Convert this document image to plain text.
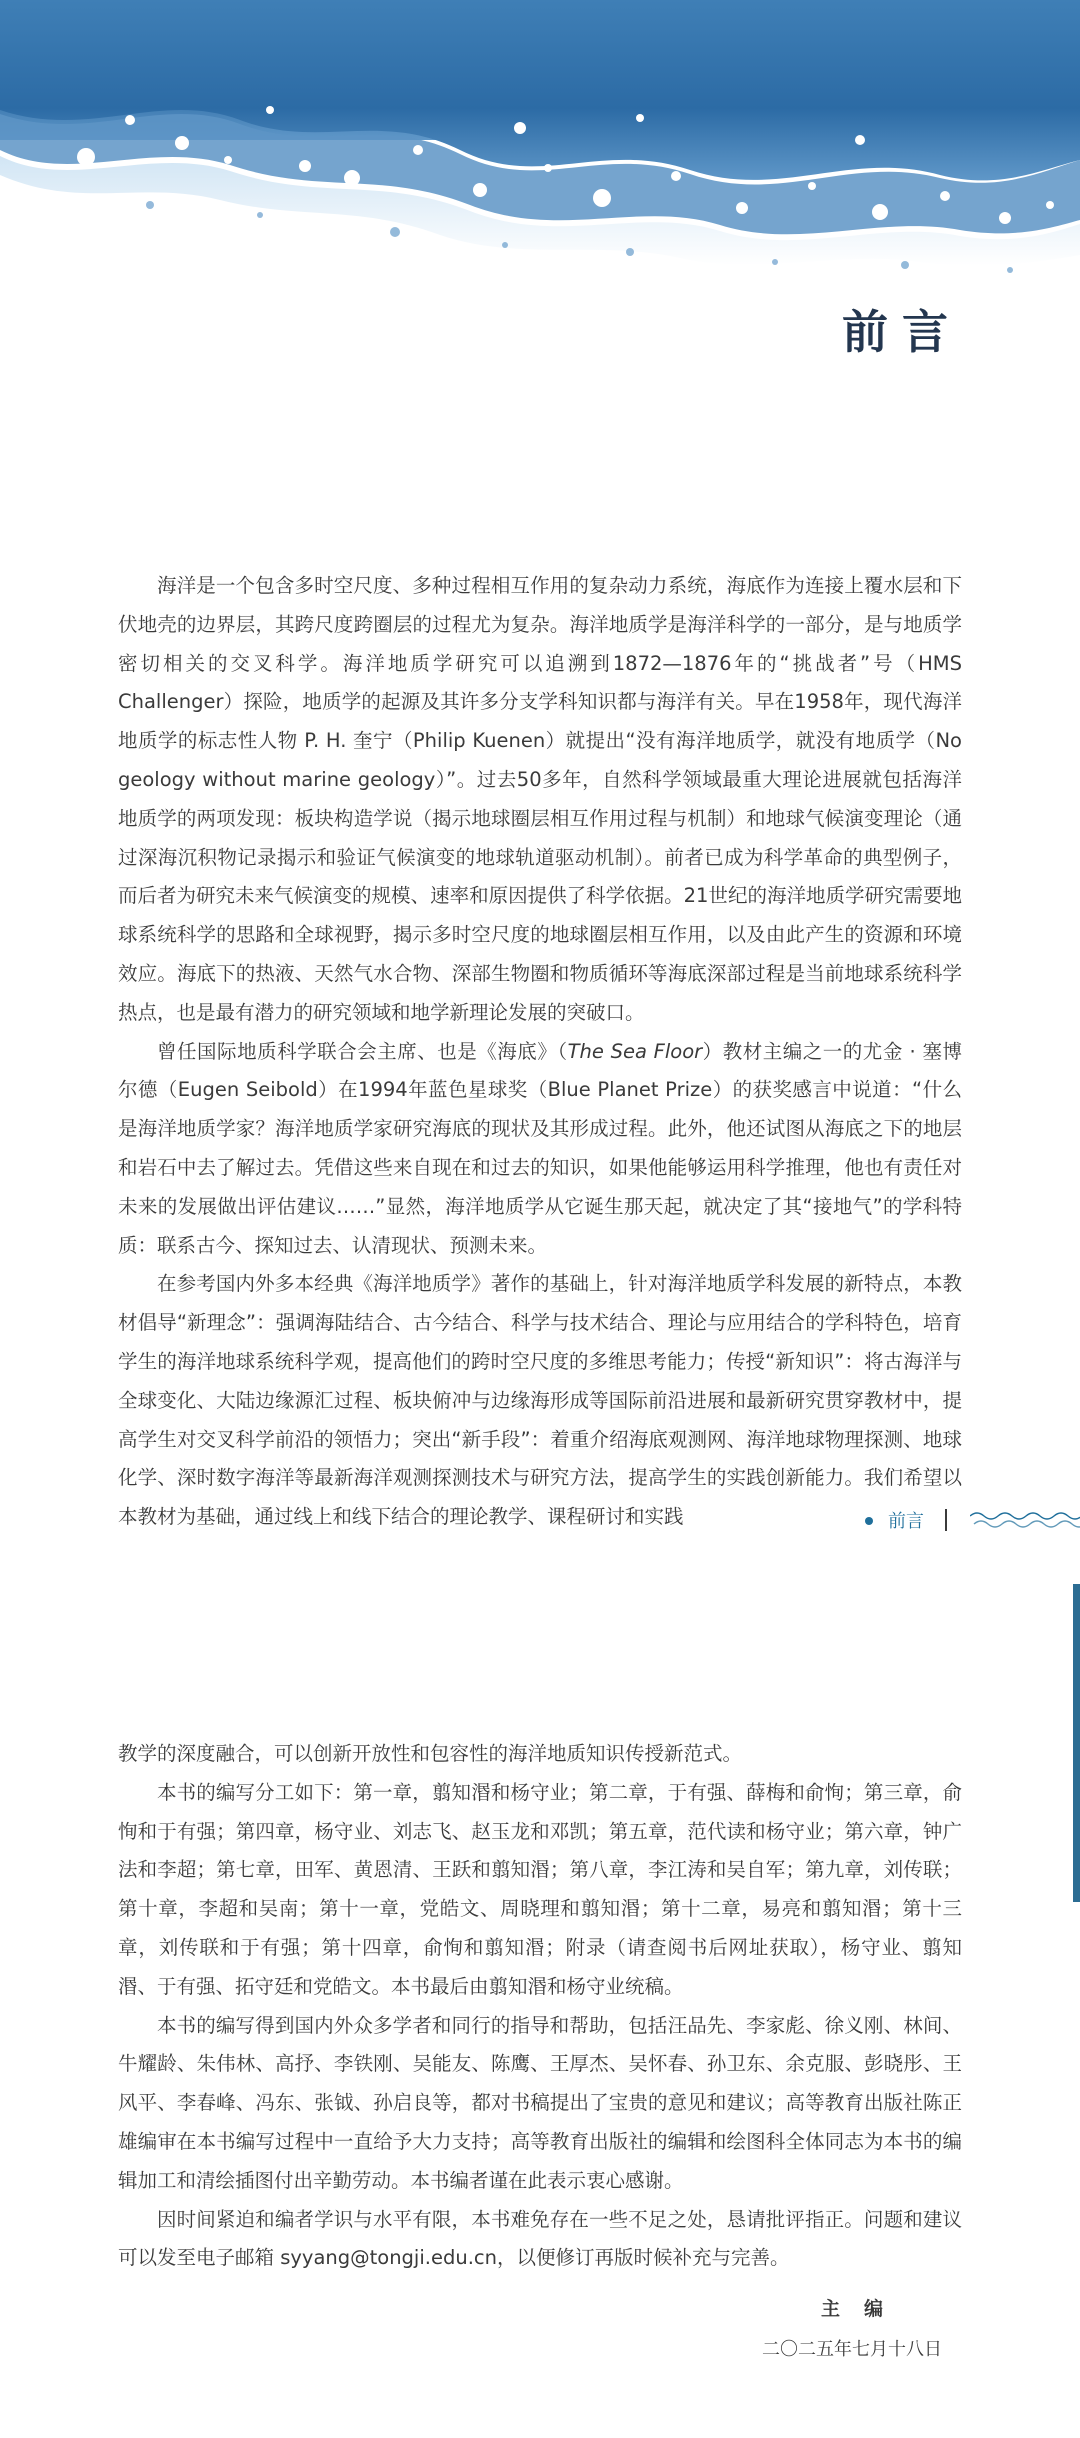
前言

海洋是一个包含多时空尺度、多种过程相互作用的复杂动力系统，海底作为连接上覆水层和下伏地壳的边界层，其跨尺度跨圈层的过程尤为复杂。海洋地质学是海洋科学的一部分，是与地质学密切相关的交叉科学。海洋地质学研究可以追溯到1872—1876年的“挑战者”号（HMS Challenger）探险，地质学的起源及其许多分支学科知识都与海洋有关。早在1958年，现代海洋地质学的标志性人物 P. H. 奎宁（Philip Kuenen）就提出“没有海洋地质学，就没有地质学（No geology without marine geology）”。过去50多年，自然科学领域最重大理论进展就包括海洋地质学的两项发现：板块构造学说（揭示地球圈层相互作用过程与机制）和地球气候演变理论（通过深海沉积物记录揭示和验证气候演变的地球轨道驱动机制）。前者已成为科学革命的典型例子，而后者为研究未来气候演变的规模、速率和原因提供了科学依据。21世纪的海洋地质学研究需要地球系统科学的思路和全球视野，揭示多时空尺度的地球圈层相互作用，以及由此产生的资源和环境效应。海底下的热液、天然气水合物、深部生物圈和物质循环等海底深部过程是当前地球系统科学热点，也是最有潜力的研究领域和地学新理论发展的突破口。

曾任国际地质科学联合会主席、也是《海底》（The Sea Floor）教材主编之一的尤金 · 塞博尔德（Eugen Seibold）在1994年蓝色星球奖（Blue Planet Prize）的获奖感言中说道：“什么是海洋地质学家？海洋地质学家研究海底的现状及其形成过程。此外，他还试图从海底之下的地层和岩石中去了解过去。凭借这些来自现在和过去的知识，如果他能够运用科学推理，他也有责任对未来的发展做出评估建议……”显然，海洋地质学从它诞生那天起，就决定了其“接地气”的学科特质：联系古今、探知过去、认清现状、预测未来。

在参考国内外多本经典《海洋地质学》著作的基础上，针对海洋地质学科发展的新特点，本教材倡导“新理念”：强调海陆结合、古今结合、科学与技术结合、理论与应用结合的学科特色，培育学生的海洋地球系统科学观，提高他们的跨时空尺度的多维思考能力；传授“新知识”：将古海洋与全球变化、大陆边缘源汇过程、板块俯冲与边缘海形成等国际前沿进展和最新研究贯穿教材中，提高学生对交叉科学前沿的领悟力；突出“新手段”：着重介绍海底观测网、海洋地球物理探测、地球化学、深时数字海洋等最新海洋观测探测技术与研究方法，提高学生的实践创新能力。我们希望以本教材为基础，通过线上和线下结合的理论教学、课程研讨和实践	前言

教学的深度融合，可以创新开放性和包容性的海洋地质知识传授新范式。

本书的编写分工如下：第一章，翦知湣和杨守业；第二章，于有强、薛梅和俞恂；第三章，俞恂和于有强；第四章，杨守业、刘志飞、赵玉龙和邓凯；第五章，范代读和杨守业；第六章，钟广法和李超；第七章，田军、黄恩清、王跃和翦知湣；第八章，李江涛和吴自军；第九章，刘传联；第十章，李超和吴南；第十一章，党皓文、周晓理和翦知湣；第十二章，易亮和翦知湣；第十三章，刘传联和于有强；第十四章，俞恂和翦知湣；附录（请查阅书后网址获取），杨守业、翦知湣、于有强、拓守廷和党皓文。本书最后由翦知湣和杨守业统稿。

本书的编写得到国内外众多学者和同行的指导和帮助，包括汪品先、李家彪、徐义刚、林间、牛耀龄、朱伟林、高抒、李铁刚、吴能友、陈鹰、王厚杰、吴怀春、孙卫东、余克服、彭晓彤、王风平、李春峰、冯东、张钺、孙启良等，都对书稿提出了宝贵的意见和建议；高等教育出版社陈正雄编审在本书编写过程中一直给予大力支持；高等教育出版社的编辑和绘图科全体同志为本书的编辑加工和清绘插图付出辛勤劳动。本书编者谨在此表示衷心感谢。

因时间紧迫和编者学识与水平有限，本书难免存在一些不足之处，恳请批评指正。问题和建议可以发至电子邮箱 syyang@tongji.edu.cn，以便修订再版时候补充与完善。

主编
二〇二五年七月十八日
